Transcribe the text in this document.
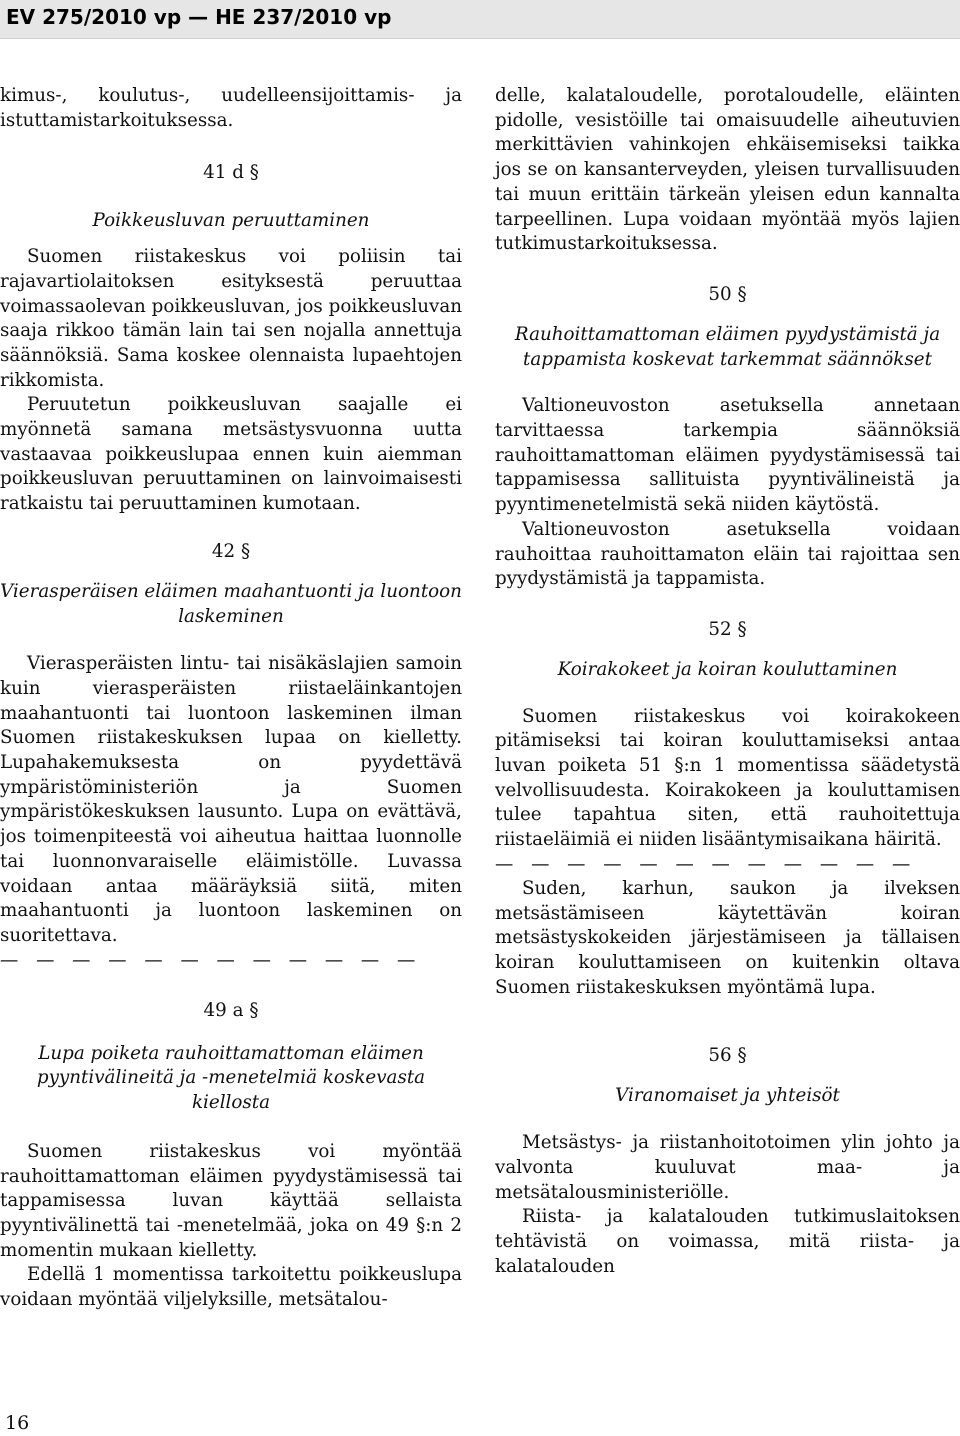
EV 275/2010 vp — HE 237/2010 vp

kimus-, koulutus-, uudelleensijoittamis- ja istuttamistarkoituksessa.

41 d §

Poikkeusluvan peruuttaminen

Suomen riistakeskus voi poliisin tai rajavartiolaitoksen esityksestä peruuttaa voimassaolevan poikkeusluvan, jos poikkeusluvan saaja rikkoo tämän lain tai sen nojalla annettuja säännöksiä. Sama koskee olennaista lupaehtojen rikkomista.

Peruutetun poikkeusluvan saajalle ei myönnetä samana metsästysvuonna uutta vastaavaa poikkeuslupaa ennen kuin aiemman poikkeusluvan peruuttaminen on lainvoimaisesti ratkaistu tai peruuttaminen kumotaan.

42 §

Vierasperäisen eläimen maahantuonti ja luontoon laskeminen

Vierasperäisten lintu- tai nisäkäslajien samoin kuin vierasperäisten riistaeläinkantojen maahantuonti tai luontoon laskeminen ilman Suomen riistakeskuksen lupaa on kielletty. Lupahakemuksesta on pyydettävä ympäristöministeriön ja Suomen ympäristökeskuksen lausunto. Lupa on evättävä, jos toimenpiteestä voi aiheutua haittaa luonnolle tai luonnonvaraiselle eläimistölle. Luvassa voidaan antaa määräyksiä siitä, miten maahantuonti ja luontoon laskeminen on suoritettava.

— — — — — — — — — — — —

49 a §

Lupa poiketa rauhoittamattoman eläimen pyyntivälineitä ja -menetelmiä koskevasta kiellosta

Suomen riistakeskus voi myöntää rauhoittamattoman eläimen pyydystämisessä tai tappamisessa luvan käyttää sellaista pyyntivälinettä tai -menetelmää, joka on 49 §:n 2 momentin mukaan kielletty.

Edellä 1 momentissa tarkoitettu poikkeuslupa voidaan myöntää viljelyksille, metsätalou-

delle, kalataloudelle, porotaloudelle, eläinten pidolle, vesistöille tai omaisuudelle aiheutuvien merkittävien vahinkojen ehkäisemiseksi taikka jos se on kansanterveyden, yleisen turvallisuuden tai muun erittäin tärkeän yleisen edun kannalta tarpeellinen. Lupa voidaan myöntää myös lajien tutkimustarkoituksessa.

50 §

Rauhoittamattoman eläimen pyydystämistä ja tappamista koskevat tarkemmat säännökset

Valtioneuvoston asetuksella annetaan tarvittaessa tarkempia säännöksiä rauhoittamattoman eläimen pyydystämisessä tai tappamisessa sallituista pyyntivälineistä ja pyyntimenetelmistä sekä niiden käytöstä.

Valtioneuvoston asetuksella voidaan rauhoittaa rauhoittamaton eläin tai rajoittaa sen pyydystämistä ja tappamista.

52 §

Koirakokeet ja koiran kouluttaminen

Suomen riistakeskus voi koirakokeen pitämiseksi tai koiran kouluttamiseksi antaa luvan poiketa 51 §:n 1 momentissa säädetystä velvollisuudesta. Koirakokeen ja kouluttamisen tulee tapahtua siten, että rauhoitettuja riistaeläimiä ei niiden lisääntymisaikana häiritä.

— — — — — — — — — — — —

Suden, karhun, saukon ja ilveksen metsästämiseen käytettävän koiran metsästyskokeiden järjestämiseen ja tällaisen koiran kouluttamiseen on kuitenkin oltava Suomen riistakeskuksen myöntämä lupa.

56 §

Viranomaiset ja yhteisöt

Metsästys- ja riistanhoitotoimen ylin johto ja valvonta kuuluvat maa- ja metsätalousministeriölle.

Riista- ja kalatalouden tutkimuslaitoksen tehtävistä on voimassa, mitä riista- ja kalatalouden

16
